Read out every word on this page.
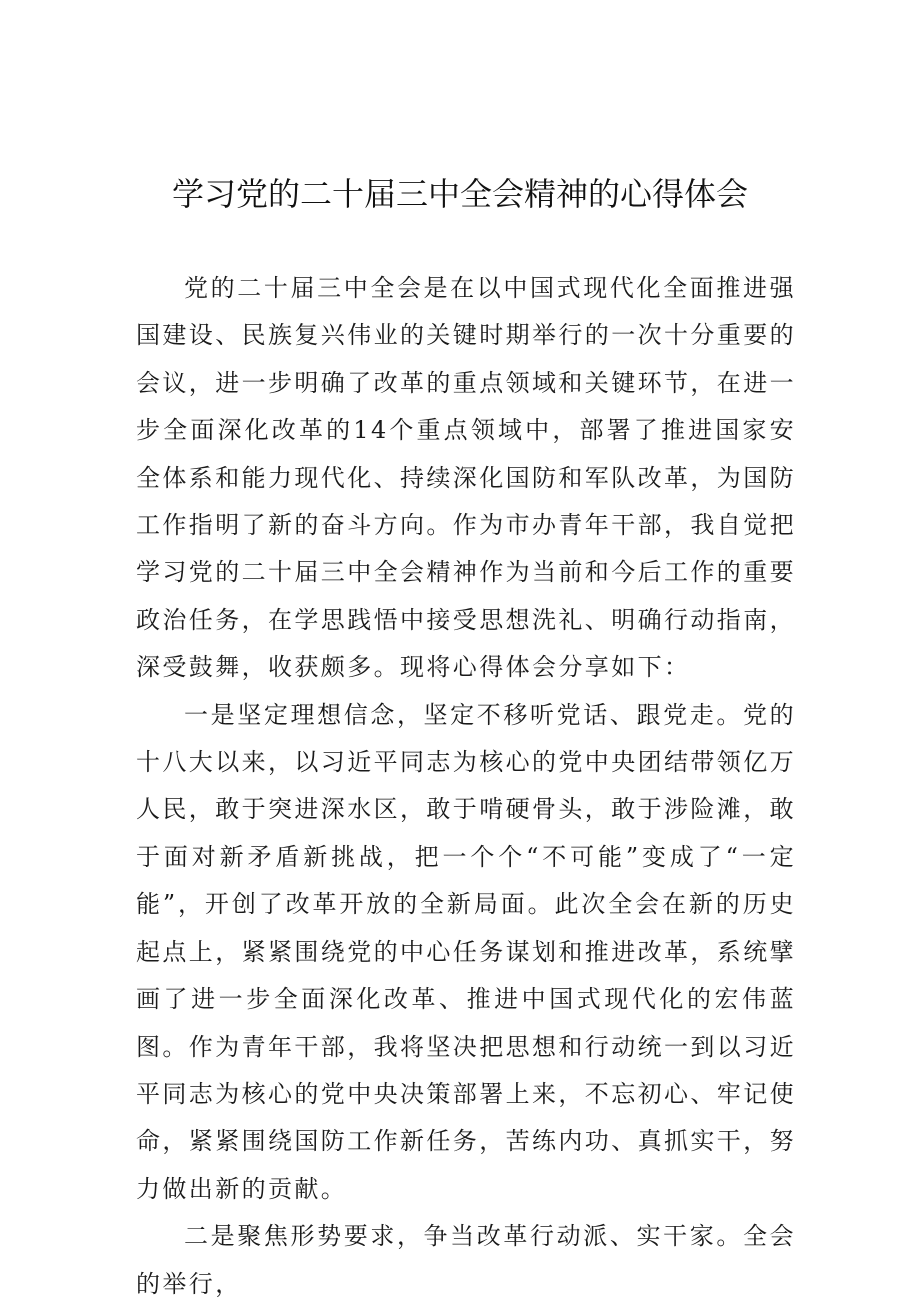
学习党的二十届三中全会精神的心得体会

党的二十届三中全会是在以中国式现代化全面推进强国建设、民族复兴伟业的关键时期举行的一次十分重要的会议，进一步明确了改革的重点领域和关键环节，在进一步全面深化改革的14个重点领域中，部署了推进国家安全体系和能力现代化、持续深化国防和军队改革，为国防工作指明了新的奋斗方向。作为市办青年干部，我自觉把学习党的二十届三中全会精神作为当前和今后工作的重要政治任务，在学思践悟中接受思想洗礼、明确行动指南，深受鼓舞，收获颇多。现将心得体会分享如下：

一是坚定理想信念，坚定不移听党话、跟党走。党的十八大以来，以习近平同志为核心的党中央团结带领亿万人民，敢于突进深水区，敢于啃硬骨头，敢于涉险滩，敢于面对新矛盾新挑战，把一个个“不可能”变成了“一定能”，开创了改革开放的全新局面。此次全会在新的历史起点上，紧紧围绕党的中心任务谋划和推进改革，系统擘画了进一步全面深化改革、推进中国式现代化的宏伟蓝图。作为青年干部，我将坚决把思想和行动统一到以习近平同志为核心的党中央决策部署上来，不忘初心、牢记使命，紧紧围绕国防工作新任务，苦练内功、真抓实干，努力做出新的贡献。

二是聚焦形势要求，争当改革行动派、实干家。全会的举行，
